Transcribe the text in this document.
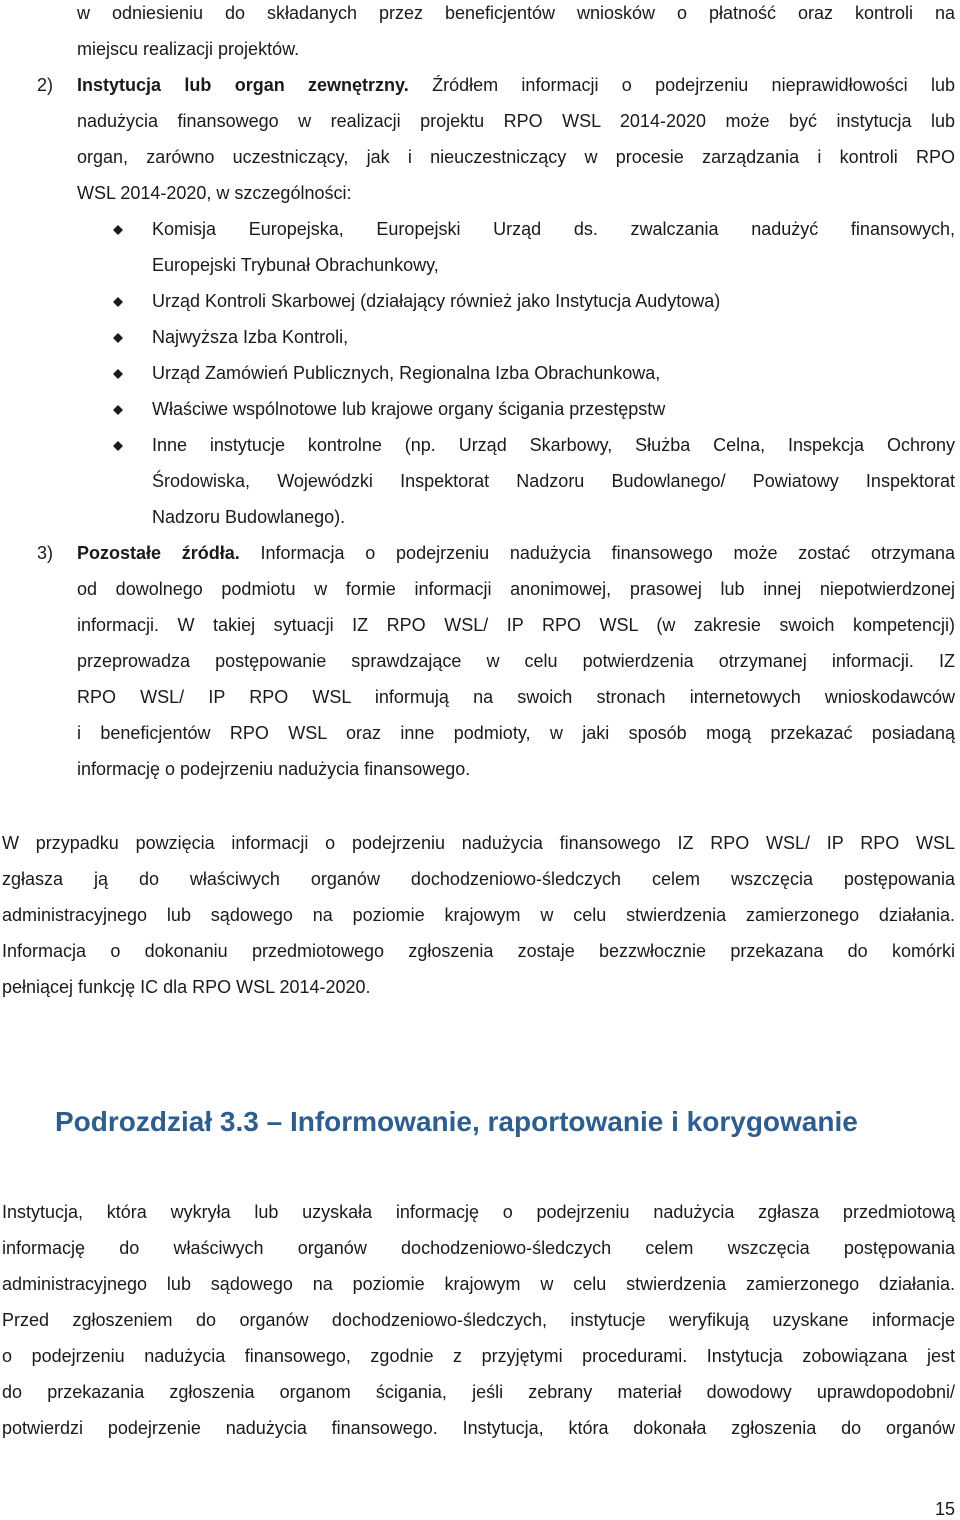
w odniesieniu do składanych przez beneficjentów wniosków o płatność oraz kontroli na
miejscu realizacji projektów.
2) Instytucja lub organ zewnętrzny. Źródłem informacji o podejrzeniu nieprawidłowości lub
nadużycia finansowego w realizacji projektu RPO WSL 2014-2020 może być instytucja lub
organ, zarówno uczestniczący, jak i nieuczestniczący w procesie zarządzania i kontroli RPO
WSL 2014-2020, w szczególności:
Komisja Europejska, Europejski Urząd ds. zwalczania nadużyć finansowych,
Europejski Trybunał Obrachunkowy,
Urząd Kontroli Skarbowej (działający również jako Instytucja Audytowa)
Najwyższa Izba Kontroli,
Urząd Zamówień Publicznych, Regionalna Izba Obrachunkowa,
Właściwe wspólnotowe lub krajowe organy ścigania przestępstw
Inne instytucje kontrolne (np. Urząd Skarbowy, Służba Celna, Inspekcja Ochrony
Środowiska, Wojewódzki Inspektorat Nadzoru Budowlanego/ Powiatowy Inspektorat
Nadzoru Budowlanego).
3) Pozostałe źródła. Informacja o podejrzeniu nadużycia finansowego może zostać otrzymana
od dowolnego podmiotu w formie informacji anonimowej, prasowej lub innej niepotwierdzonej
informacji. W takiej sytuacji IZ RPO WSL/ IP RPO WSL (w zakresie swoich kompetencji)
przeprowadza postępowanie sprawdzające w celu potwierdzenia otrzymanej informacji. IZ
RPO WSL/ IP RPO WSL informują na swoich stronach internetowych wnioskodawców
i beneficjentów RPO WSL oraz inne podmioty, w jaki sposób mogą przekazać posiadaną
informację o podejrzeniu nadużycia finansowego.
W przypadku powzięcia informacji o podejrzeniu nadużycia finansowego IZ RPO WSL/ IP RPO WSL
zgłasza ją do właściwych organów dochodzeniowo-śledczych celem wszczęcia postępowania
administracyjnego lub sądowego na poziomie krajowym w celu stwierdzenia zamierzonego działania.
Informacja o dokonaniu przedmiotowego zgłoszenia zostaje bezzwłocznie przekazana do komórki
pełniącej funkcję IC dla RPO WSL 2014-2020.
Podrozdział 3.3 – Informowanie, raportowanie i korygowanie
Instytucja, która wykryła lub uzyskała informację o podejrzeniu nadużycia zgłasza przedmiotową
informację do właściwych organów dochodzeniowo-śledczych celem wszczęcia postępowania
administracyjnego lub sądowego na poziomie krajowym w celu stwierdzenia zamierzonego działania.
Przed zgłoszeniem do organów dochodzeniowo-śledczych, instytucje weryfikują uzyskane informacje
o podejrzeniu nadużycia finansowego, zgodnie z przyjętymi procedurami. Instytucja zobowiązana jest
do przekazania zgłoszenia organom ścigania, jeśli zebrany materiał dowodowy uprawdopodobni/
potwierdzi podejrzenie nadużycia finansowego. Instytucja, która dokonała zgłoszenia do organów
15
